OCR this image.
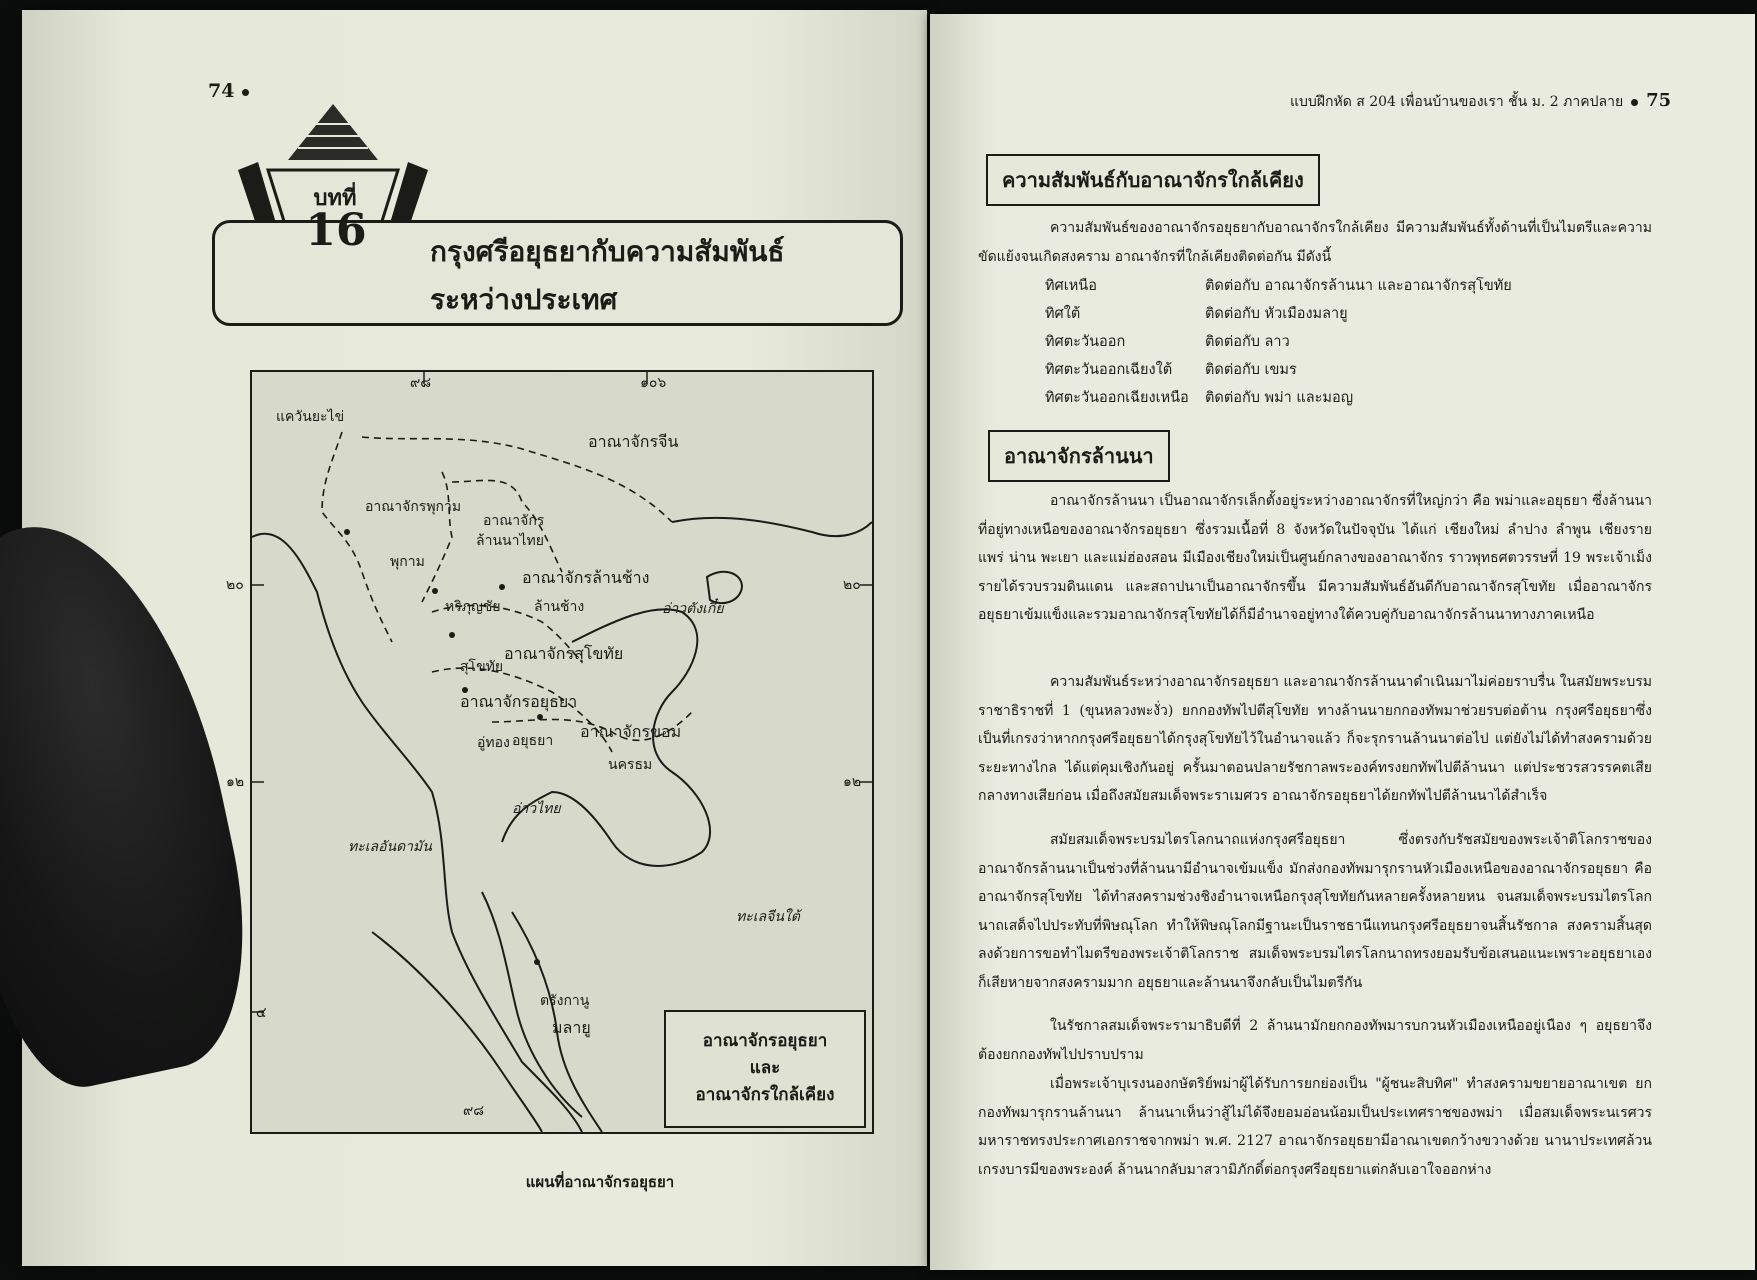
74
บทที่
16	กรุงศรีอยุธยากับความสัมพันธ์
ระหว่างประเทศ
๙๘	๑๐๖
๒๐	๒๐
๑๒	๑๒
๔
๙๘
แควันยะไข่
อาณาจักรจีน
อาณาจักรพุกาม
พุกาม
อาณาจักร
ล้านนาไทย
อาณาจักรล้านช้าง
หริภุญชัย ล้านช้าง	อ่าวตังเกี๋ย
อาณาจักรสุโขทัย
สุโขทัย
อาณาจักรอยุธยา
อู่ทอง อยุธยา อาณาจักรขอม
นครธม
อ่าวไทย
ทะเลอันดามัน
ทะเลจีนใต้
ตรังกานู
มลายู
อาณาจักรอยุธยา
และ
อาณาจักรใกล้เคียง
แผนที่อาณาจักรอยุธยา
แบบฝึกหัด ส 204 เพื่อนบ้านของเรา ชั้น ม. 2 ภาคปลาย 75
ความสัมพันธ์กับอาณาจักรใกล้เคียง
ความสัมพันธ์ของอาณาจักรอยุธยากับอาณาจักรใกล้เคียง มีความสัมพันธ์ทั้งด้านที่เป็นไมตรีและความขัดแย้งจนเกิดสงคราม อาณาจักรที่ใกล้เคียงติดต่อกัน มีดังนี้
ทิศเหนือ	ติดต่อกับ อาณาจักรล้านนา และอาณาจักรสุโขทัย
ทิศใต้	ติดต่อกับ หัวเมืองมลายู
ทิศตะวันออก	ติดต่อกับ ลาว
ทิศตะวันออกเฉียงใต้ ติดต่อกับ เขมร
ทิศตะวันออกเฉียงเหนือ ติดต่อกับ พม่า และมอญ
อาณาจักรล้านนา
อาณาจักรล้านนา เป็นอาณาจักรเล็กตั้งอยู่ระหว่างอาณาจักรที่ใหญ่กว่า คือ พม่าและอยุธยา ซึ่งล้านนาที่อยู่ทางเหนือของอาณาจักรอยุธยา ซึ่งรวมเนื้อที่ 8 จังหวัดในปัจจุบัน ได้แก่ เชียงใหม่ ลำปาง ลำพูน เชียงราย แพร่ น่าน พะเยา และแม่ฮ่องสอน มีเมืองเชียงใหม่เป็นศูนย์กลางของอาณาจักร ราวพุทธศตวรรษที่ 19 พระเจ้าเม็งรายได้รวบรวมดินแดน และสถาปนาเป็นอาณาจักรขึ้น มีความสัมพันธ์อันดีกับอาณาจักรสุโขทัย เมื่ออาณาจักรอยุธยาเข้มแข็งและรวมอาณาจักรสุโขทัยได้ก็มีอำนาจอยู่ทางใต้ควบคู่กับอาณาจักรล้านนาทางภาคเหนือ
ความสัมพันธ์ระหว่างอาณาจักรอยุธยา และอาณาจักรล้านนาดำเนินมาไม่ค่อยราบรื่น ในสมัยพระบรมราชาธิราชที่ 1 (ขุนหลวงพะงั่ว) ยกกองทัพไปตีสุโขทัย ทางล้านนายกกองทัพมาช่วยรบต่อต้าน กรุงศรีอยุธยาซึ่งเป็นที่เกรงว่าหากกรุงศรีอยุธยาได้กรุงสุโขทัยไว้ในอำนาจแล้ว ก็จะรุกรานล้านนาต่อไป แต่ยังไม่ได้ทำสงครามด้วยระยะทางไกล ได้แต่คุมเชิงกันอยู่ ครั้นมาตอนปลายรัชกาลพระองค์ทรงยกทัพไปตีล้านนา แต่ประชวรสวรรคตเสียกลางทางเสียก่อน เมื่อถึงสมัยสมเด็จพระราเมศวร อาณาจักรอยุธยาได้ยกทัพไปตีล้านนาได้สำเร็จ
สมัยสมเด็จพระบรมไตรโลกนาถแห่งกรุงศรีอยุธยา ซึ่งตรงกับรัชสมัยของพระเจ้าติโลกราชของอาณาจักรล้านนาเป็นช่วงที่ล้านนามีอำนาจเข้มแข็ง มักส่งกองทัพมารุกรานหัวเมืองเหนือของอาณาจักรอยุธยา คือ อาณาจักรสุโขทัย ได้ทำสงครามช่วงชิงอำนาจเหนือกรุงสุโขทัยกันหลายครั้งหลายหน จนสมเด็จพระบรมไตรโลกนาถเสด็จไปประทับที่พิษณุโลก ทำให้พิษณุโลกมีฐานะเป็นราชธานีแทนกรุงศรีอยุธยาจนสิ้นรัชกาล สงครามสิ้นสุดลงด้วยการขอทำไมตรีของพระเจ้าติโลกราช สมเด็จพระบรมไตรโลกนาถทรงยอมรับข้อเสนอแนะเพราะอยุธยาเองก็เสียหายจากสงครามมาก อยุธยาและล้านนาจึงกลับเป็นไมตรีกัน
ในรัชกาลสมเด็จพระรามาธิบดีที่ 2 ล้านนามักยกกองทัพมารบกวนหัวเมืองเหนืออยู่เนือง ๆ อยุธยาจึงต้องยกกองทัพไปปราบปราม
เมื่อพระเจ้าบุเรงนองกษัตริย์พม่าผู้ได้รับการยกย่องเป็น "ผู้ชนะสิบทิศ" ทำสงครามขยายอาณาเขต ยกกองทัพมารุกรานล้านนา ล้านนาเห็นว่าสู้ไม่ได้จึงยอมอ่อนน้อมเป็นประเทศราชของพม่า เมื่อสมเด็จพระนเรศวรมหาราชทรงประกาศเอกราชจากพม่า พ.ศ. 2127 อาณาจักรอยุธยามีอาณาเขตกว้างขวางด้วย นานาประเทศล้วนเกรงบารมีของพระองค์ ล้านนากลับมาสวามิภักดิ์ต่อกรุงศรีอยุธยาแต่กลับเอาใจออกห่าง
